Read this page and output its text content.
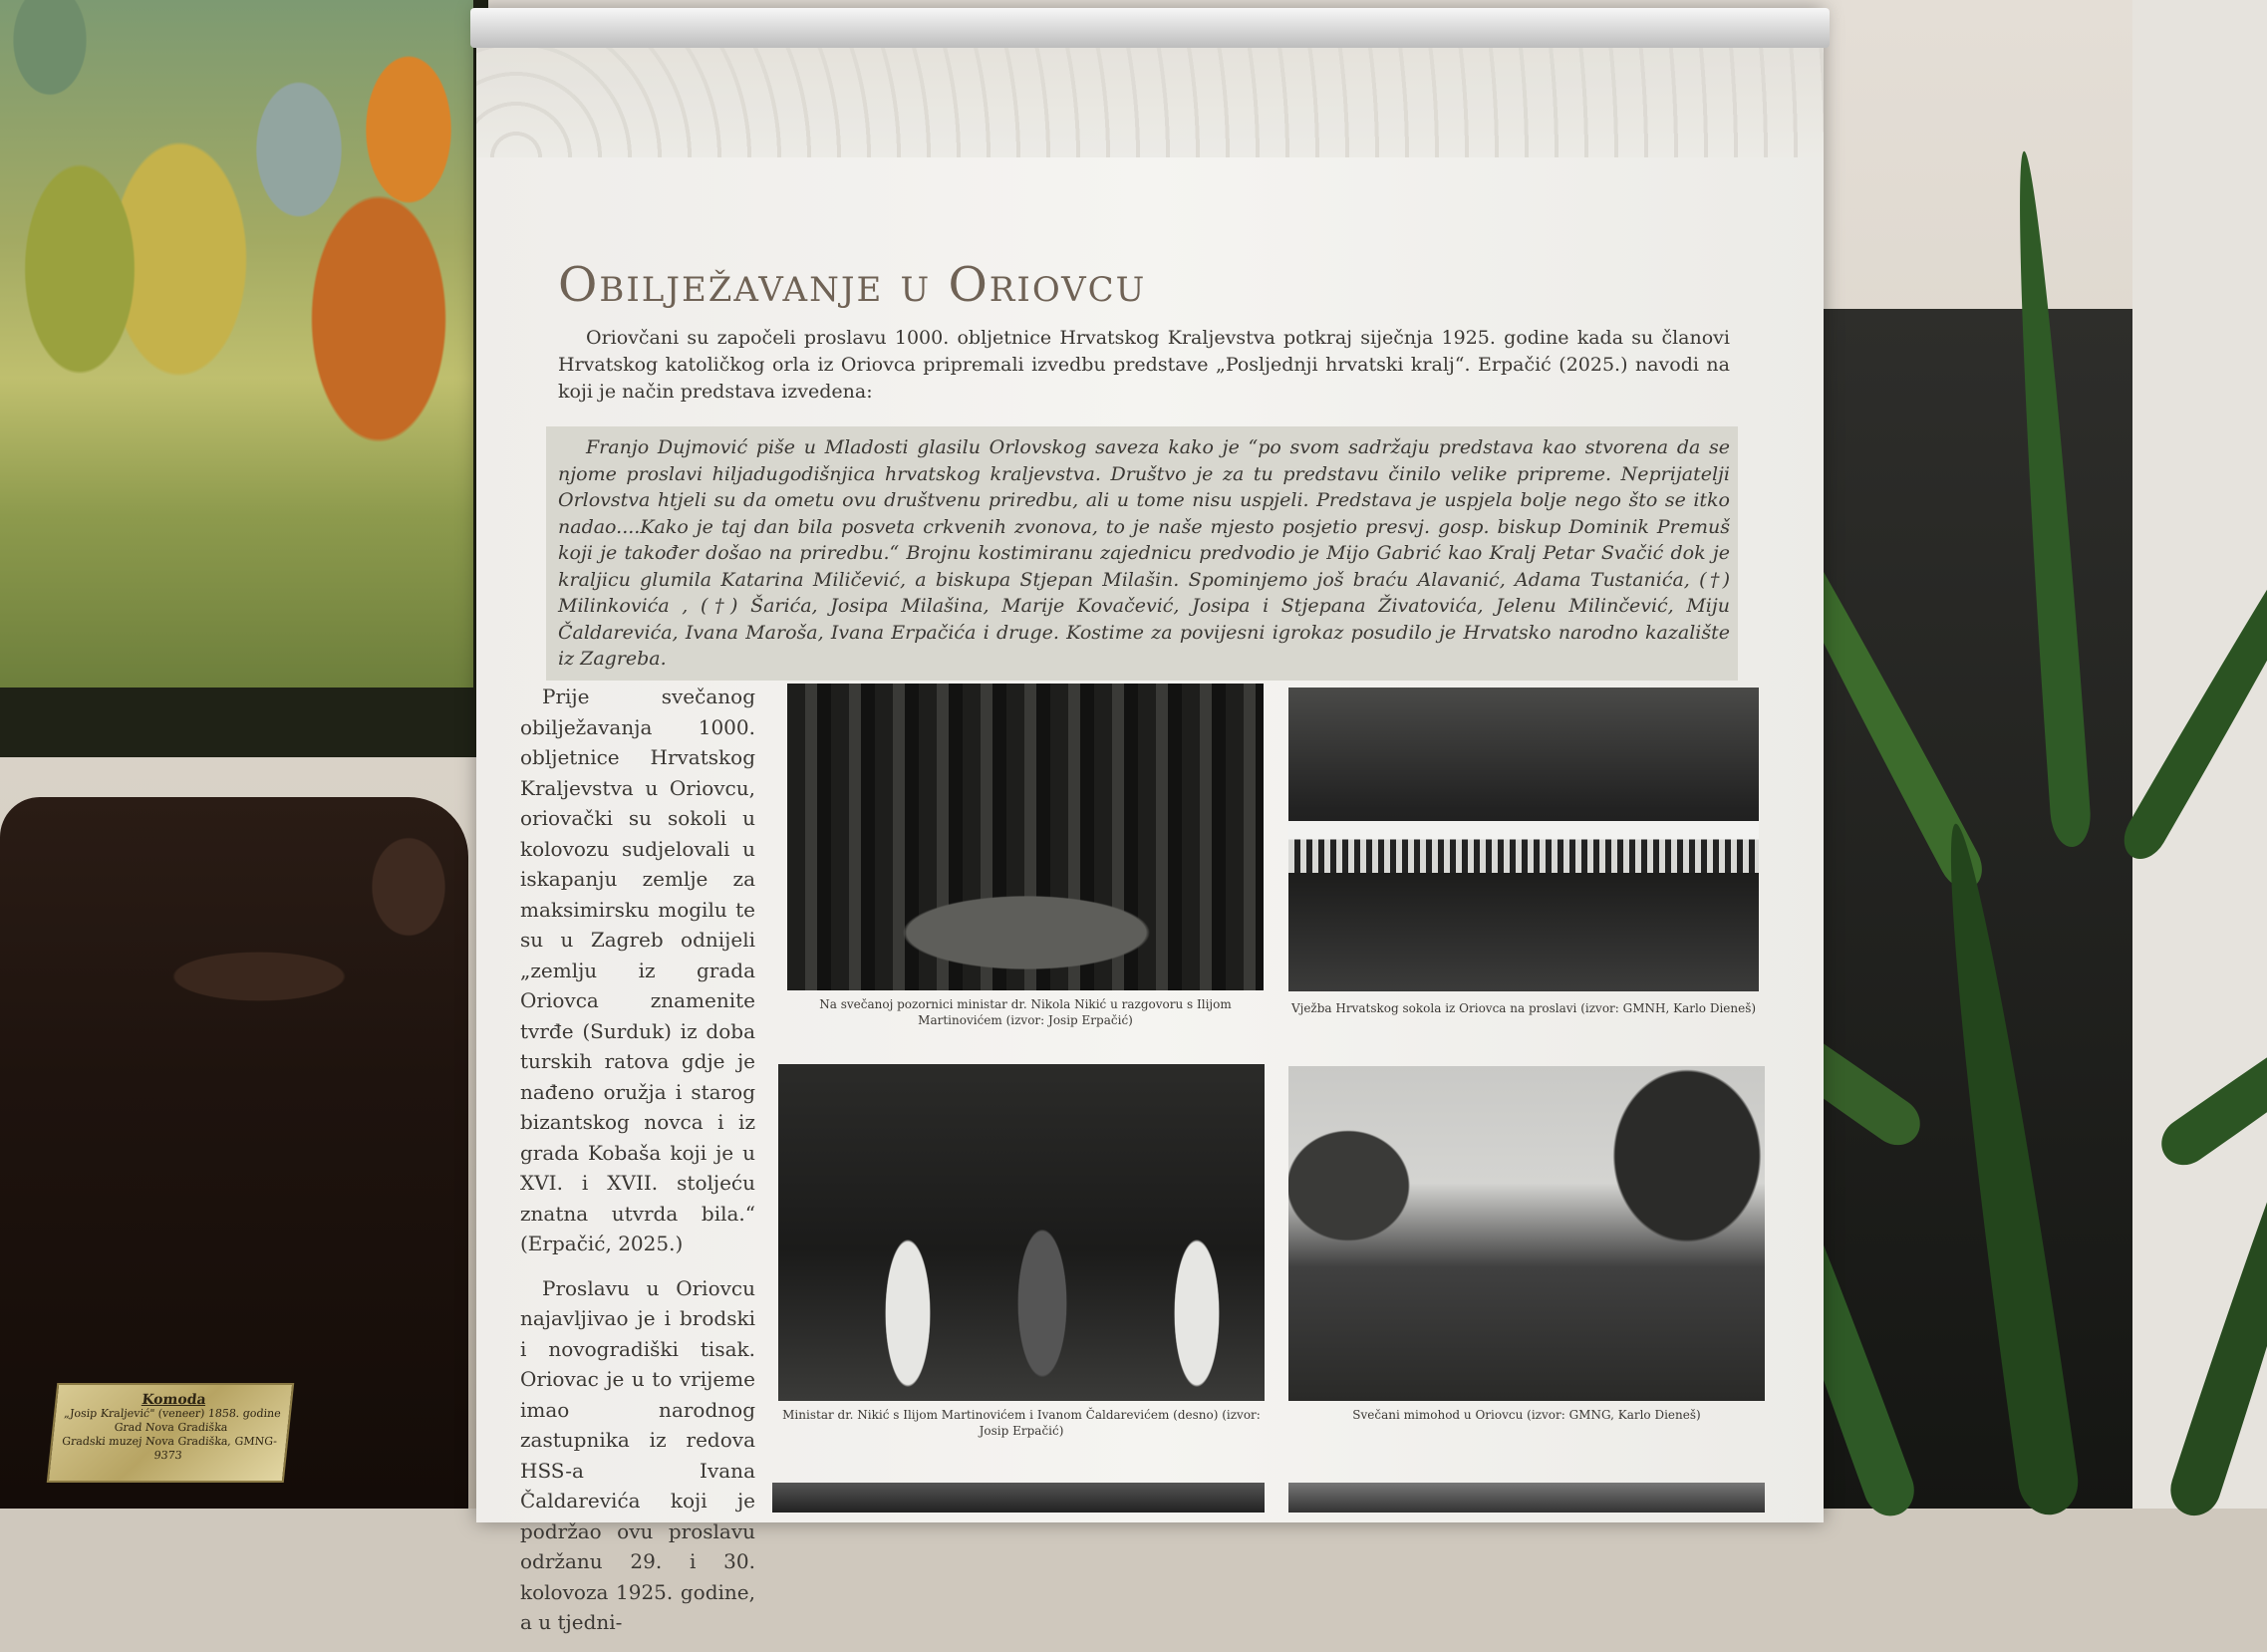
Komoda
„Josip Kraljević" (veneer) 1858. godine
Grad Nova Gradiška
Gradski muzej Nova Gradiška, GMNG-9373
Obilježavanje u Oriovcu
Oriovčani su započeli proslavu 1000. obljetnice Hrvatskog Kraljevstva potkraj siječnja 1925. godine kada su članovi Hrvatskog katoličkog orla iz Oriovca pripremali izvedbu predstave „Posljednji hrvatski kralj“. Erpačić (2025.) navodi na koji je način predstava izvedena:
Franjo Dujmović piše u Mladosti glasilu Orlovskog saveza kako je “po svom sadržaju predstava kao stvorena da se njome proslavi hiljadugodišnjica hrvatskog kraljevstva. Društvo je za tu predstavu činilo velike pripreme. Neprijatelji Orlovstva htjeli su da ometu ovu društvenu priredbu, ali u tome nisu uspjeli. Predstava je uspjela bolje nego što se itko nadao....Kako je taj dan bila posveta crkvenih zvonova, to je naše mjesto posjetio presvj. gosp. biskup Dominik Premuš koji je također došao na priredbu.“ Brojnu kostimiranu zajednicu predvodio je Mijo Gabrić kao Kralj Petar Svačić dok je kraljicu glumila Katarina Miličević, a biskupa Stjepan Milašin. Spominjemo još braću Alavanić, Adama Tustanića, (†) Milinkovića , (†) Šarića, Josipa Milašina, Marije Kovačević, Josipa i Stjepana Živatovića, Jelenu Milinčević, Miju Čaldarevića, Ivana Maroša, Ivana Erpačića i druge. Kostime za povijesni igrokaz posudilo je Hrvatsko narodno kazalište iz Zagreba.

Prije svečanog obilježavanja 1000. obljetnice Hrvatskog Kraljevstva u Oriovcu, oriovački su sokoli u kolovozu sudjelovali u iskapanju zemlje za maksimirsku mogilu te su u Zagreb odnijeli „zemlju iz grada Oriovca znamenite tvrđe (Surduk) iz doba turskih ratova gdje je nađeno oružja i starog bizantskog novca i iz grada Kobaša koji je u XVI. i XVII. stoljeću znatna utvrda bila.“ (Erpačić, 2025.)

Proslavu u Oriovcu najavljivao je i brodski i novogradiški tisak. Oriovac je u to vrijeme imao narodnog zastupnika iz redova HSS-a Ivana Čaldarevića koji je podržao ovu proslavu održanu 29. i 30. kolovoza 1925. godine, a u tjedni-

Na svečanoj pozornici ministar dr. Nikola Nikić u razgovoru s Ilijom Martinovićem (izvor: Josip Erpačić)
Vježba Hrvatskog sokola iz Oriovca na proslavi (izvor: GMNH, Karlo Dieneš)
Ministar dr. Nikić s Ilijom Martinovićem i Ivanom Čaldarevićem (desno) (izvor: Josip Erpačić)
Svečani mimohod u Oriovcu (izvor: GMNG, Karlo Dieneš)
